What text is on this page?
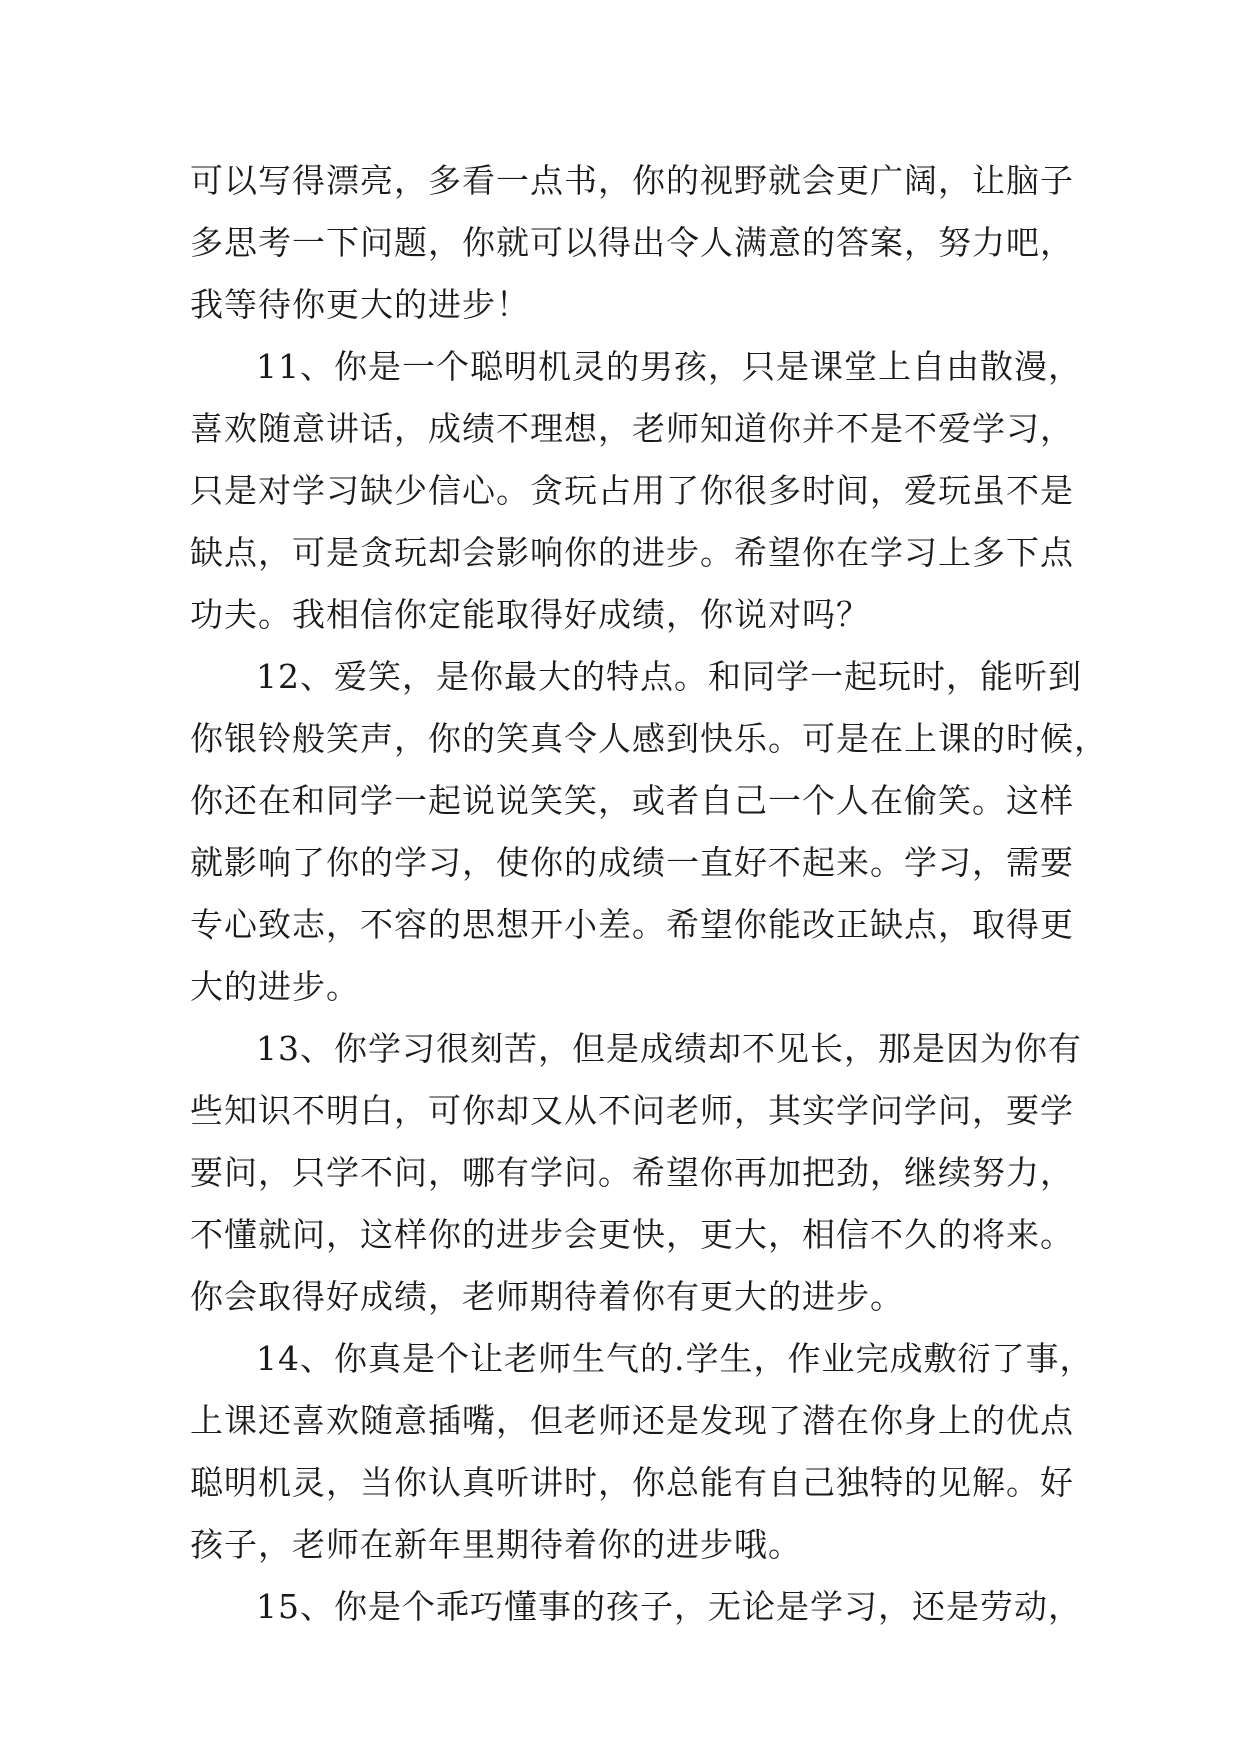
可以写得漂亮，多看一点书，你的视野就会更广阔，让脑子

多思考一下问题，你就可以得出令人满意的答案，努力吧，

我等待你更大的进步！

11、你是一个聪明机灵的男孩，只是课堂上自由散漫，

喜欢随意讲话，成绩不理想，老师知道你并不是不爱学习，

只是对学习缺少信心。贪玩占用了你很多时间，爱玩虽不是

缺点，可是贪玩却会影响你的进步。希望你在学习上多下点

功夫。我相信你定能取得好成绩，你说对吗？

12、爱笑，是你最大的特点。和同学一起玩时，能听到

你银铃般笑声，你的笑真令人感到快乐。可是在上课的时候，

你还在和同学一起说说笑笑，或者自己一个人在偷笑。这样

就影响了你的学习，使你的成绩一直好不起来。学习，需要

专心致志，不容的思想开小差。希望你能改正缺点，取得更

大的进步。

13、你学习很刻苦，但是成绩却不见长，那是因为你有

些知识不明白，可你却又从不问老师，其实学问学问，要学

要问，只学不问，哪有学问。希望你再加把劲，继续努力，

不懂就问，这样你的进步会更快，更大，相信不久的将来。

你会取得好成绩，老师期待着你有更大的进步。

14、你真是个让老师生气的.学生，作业完成敷衍了事，

上课还喜欢随意插嘴，但老师还是发现了潜在你身上的优点

聪明机灵，当你认真听讲时，你总能有自己独特的见解。好

孩子，老师在新年里期待着你的进步哦。

15、你是个乖巧懂事的孩子，无论是学习，还是劳动，
